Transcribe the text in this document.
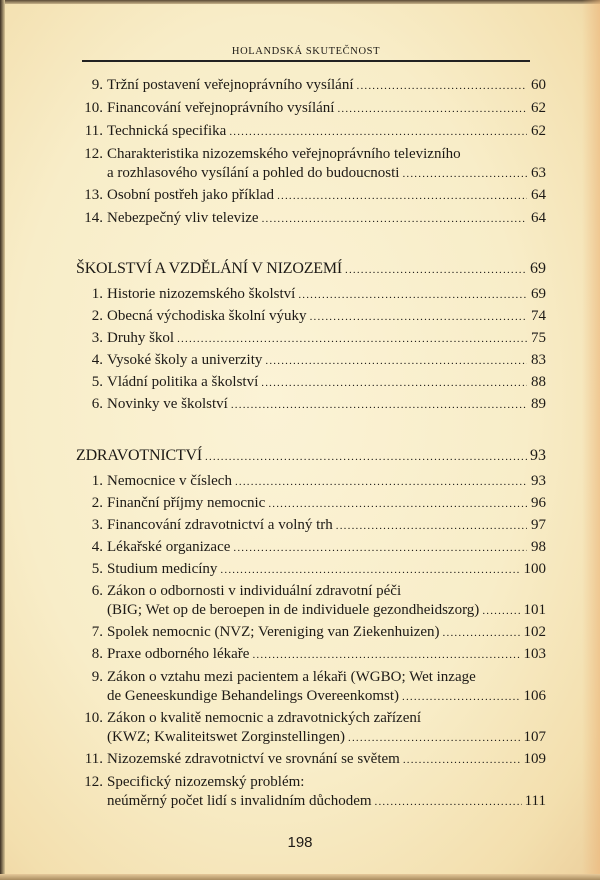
HOLANDSKÁ SKUTEČNOST
9. Tržní postavení veřejnoprávního vysílání .....	60
10. Financování veřejnoprávního vysílání .....	62
11. Technická specifika .....	62
12. Charakteristika nizozemského veřejnoprávního televizního
a rozhlasového vysílání a pohled do budoucnosti .....	63
13. Osobní postřeh jako příklad .....	64
14. Nebezpečný vliv televize .....	64
ŠKOLSTVÍ A VZDĚLÁNÍ V NIZOZEMÍ .....	69
1. Historie nizozemského školství .....	69
2. Obecná východiska školní výuky .....	74
3. Druhy škol .....	75
4. Vysoké školy a univerzity .....	83
5. Vládní politika a školství .....	88
6. Novinky ve školství .....	89
ZDRAVOTNICTVÍ .....	93
1. Nemocnice v číslech .....	93
2. Finanční příjmy nemocnic .....	96
3. Financování zdravotnictví a volný trh .....	97
4. Lékařské organizace .....	98
5. Studium medicíny .....	100
6. Zákon o odbornosti v individuální zdravotní péči
(BIG; Wet op de beroepen in de individuele gezondheidszorg) .....	101
7. Spolek nemocnic (NVZ; Vereniging van Ziekenhuizen) .....	102
8. Praxe odborného lékaře .....	103
9. Zákon o vztahu mezi pacientem a lékaři (WGBO; Wet inzage
de Geneeskundige Behandelings Overeenkomst) .....	106
10. Zákon o kvalitě nemocnic a zdravotnických zařízení
(KWZ; Kwaliteitswet Zorginstellingen) .....	107
11. Nizozemské zdravotnictví ve srovnání se světem .....	109
12. Specifický nizozemský problém:
neúměrný počet lidí s invalidním důchodem .....	111
198
